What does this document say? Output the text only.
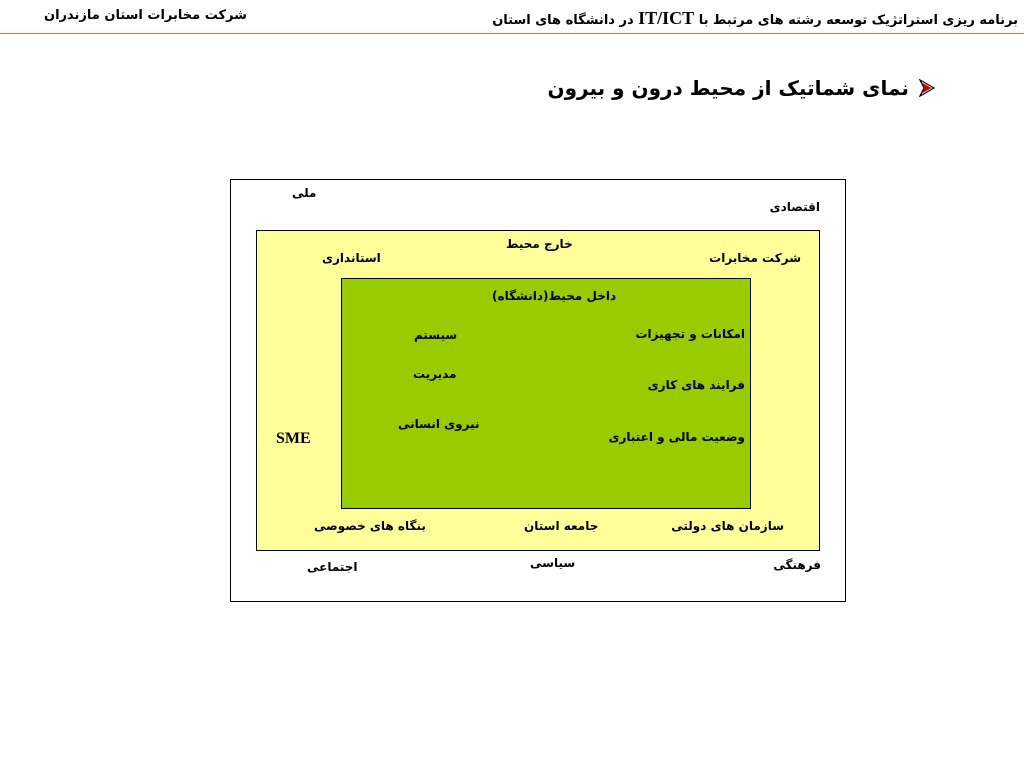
برنامه ریزی استراتژیک توسعه رشته های مرتبط با IT/ICT در دانشگاه های استان
شرکت مخابرات استان مازندران
نمای شماتیک از محیط درون و بیرون
ملی
اقتصادی
اجتماعی	سیاسی	فرهنگی
خارج محیط
استانداری	شرکت مخابرات
SME
بنگاه های خصوصی	جامعه استان	سازمان های دولتی
داخل محیط(دانشگاه)
سیستم
مدیریت
نیروی انسانی
امکانات و تجهیزات
فرایند های کاری
وضعیت مالی و اعتباری
